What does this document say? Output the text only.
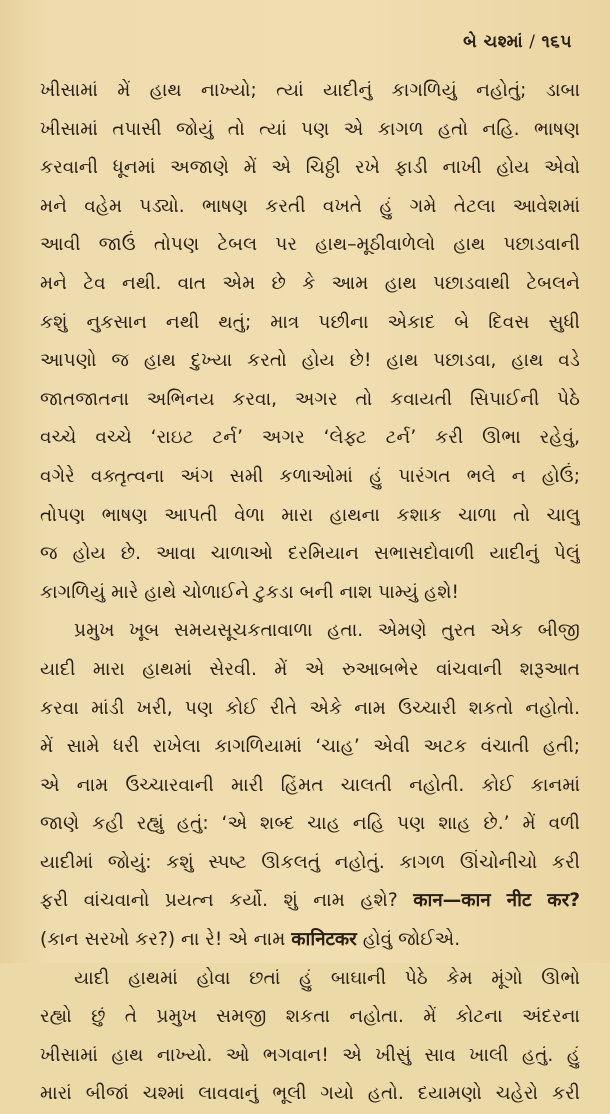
બે ચશ્માં / ૧૬૫
ખીસામાં મેં હાથ નાખ્યો; ત્યાં યાદીનું કાગળિયું નહોતું; ડાબા
ખીસામાં તપાસી જોયું તો ત્યાં પણ એ કાગળ હતો નહિ. ભાષણ
કરવાની ધૂનમાં અજાણે મેં એ ચિઠ્ઠી રખે ફાડી નાખી હોય એવો
મને વહેમ પડ્યો. ભાષણ કરતી વખતે હું ગમે તેટલા આવેશમાં
આવી જાઉં તોપણ ટેબલ પર હાથ–મૂઠીવાળેલો હાથ પછાડવાની
મને ટેવ નથી. વાત એમ છે કે આમ હાથ પછાડવાથી ટેબલને
કશું નુકસાન નથી થતું; માત્ર પછીના એકાદ બે દિવસ સુધી
આપણો જ હાથ દુખ્યા કરતો હોય છે! હાથ પછાડવા, હાથ વડે
જાતજાતના અભિનય કરવા, અગર તો કવાયતી સિપાઈની પેઠે
વચ્ચે વચ્ચે ‘રાઇટ ટર્ન’ અગર ‘લેફ્ટ ટર્ન’ કરી ઊભા રહેવું,
વગેરે વક્તૃત્વના અંગ સમી કળાઓમાં હું પારંગત ભલે ન હોઉં;
તોપણ ભાષણ આપતી વેળા મારા હાથના કશાક ચાળા તો ચાલુ
જ હોય છે. આવા ચાળાઓ દરમિયાન સભાસદોવાળી યાદીનું પેલું
કાગળિયું મારે હાથે ચોળાઈને ટુકડા બની નાશ પામ્યું હશે!
પ્રમુખ ખૂબ સમયસૂચકતાવાળા હતા. એમણે તુરત એક બીજી
યાદી મારા હાથમાં સેરવી. મેં એ રુઆબભેર વાંચવાની શરૂઆત
કરવા માંડી ખરી, પણ કોઈ રીતે એકે નામ ઉચ્ચારી શકતો નહોતો.
મેં સામે ધરી રાખેલા કાગળિયામાં ‘ચાહ’ એવી અટક વંચાતી હતી;
એ નામ ઉચ્ચારવાની મારી હિંમત ચાલતી નહોતી. કોઈ કાનમાં
જાણે કહી રહ્યું હતું: ‘એ શબ્દ ચાહ નહિ પણ શાહ છે.’ મેં વળી
યાદીમાં જોયું: કશું સ્પષ્ટ ઊકલતું નહોતું. કાગળ ઊંચોનીચો કરી
ફરી વાંચવાનો પ્રયત્ન કર્યો. શું નામ હશે? कान—कान नीट कर?
(કાન સરખો કર?) ના રે! એ નામ कानिटकर હોવું જોઈએ.
યાદી હાથમાં હોવા છતાં હું બાઘાની પેઠે કેમ મૂંગો ઊભો
રહ્યો છું તે પ્રમુખ સમજી શકતા નહોતા. મેં કોટના અંદરના
ખીસામાં હાથ નાખ્યો. ઓ ભગવાન! એ ખીસું સાવ ખાલી હતું. હું
મારાં બીજાં ચશ્માં લાવવાનું ભૂલી ગયો હતો. દયામણો ચહેરો કરી
